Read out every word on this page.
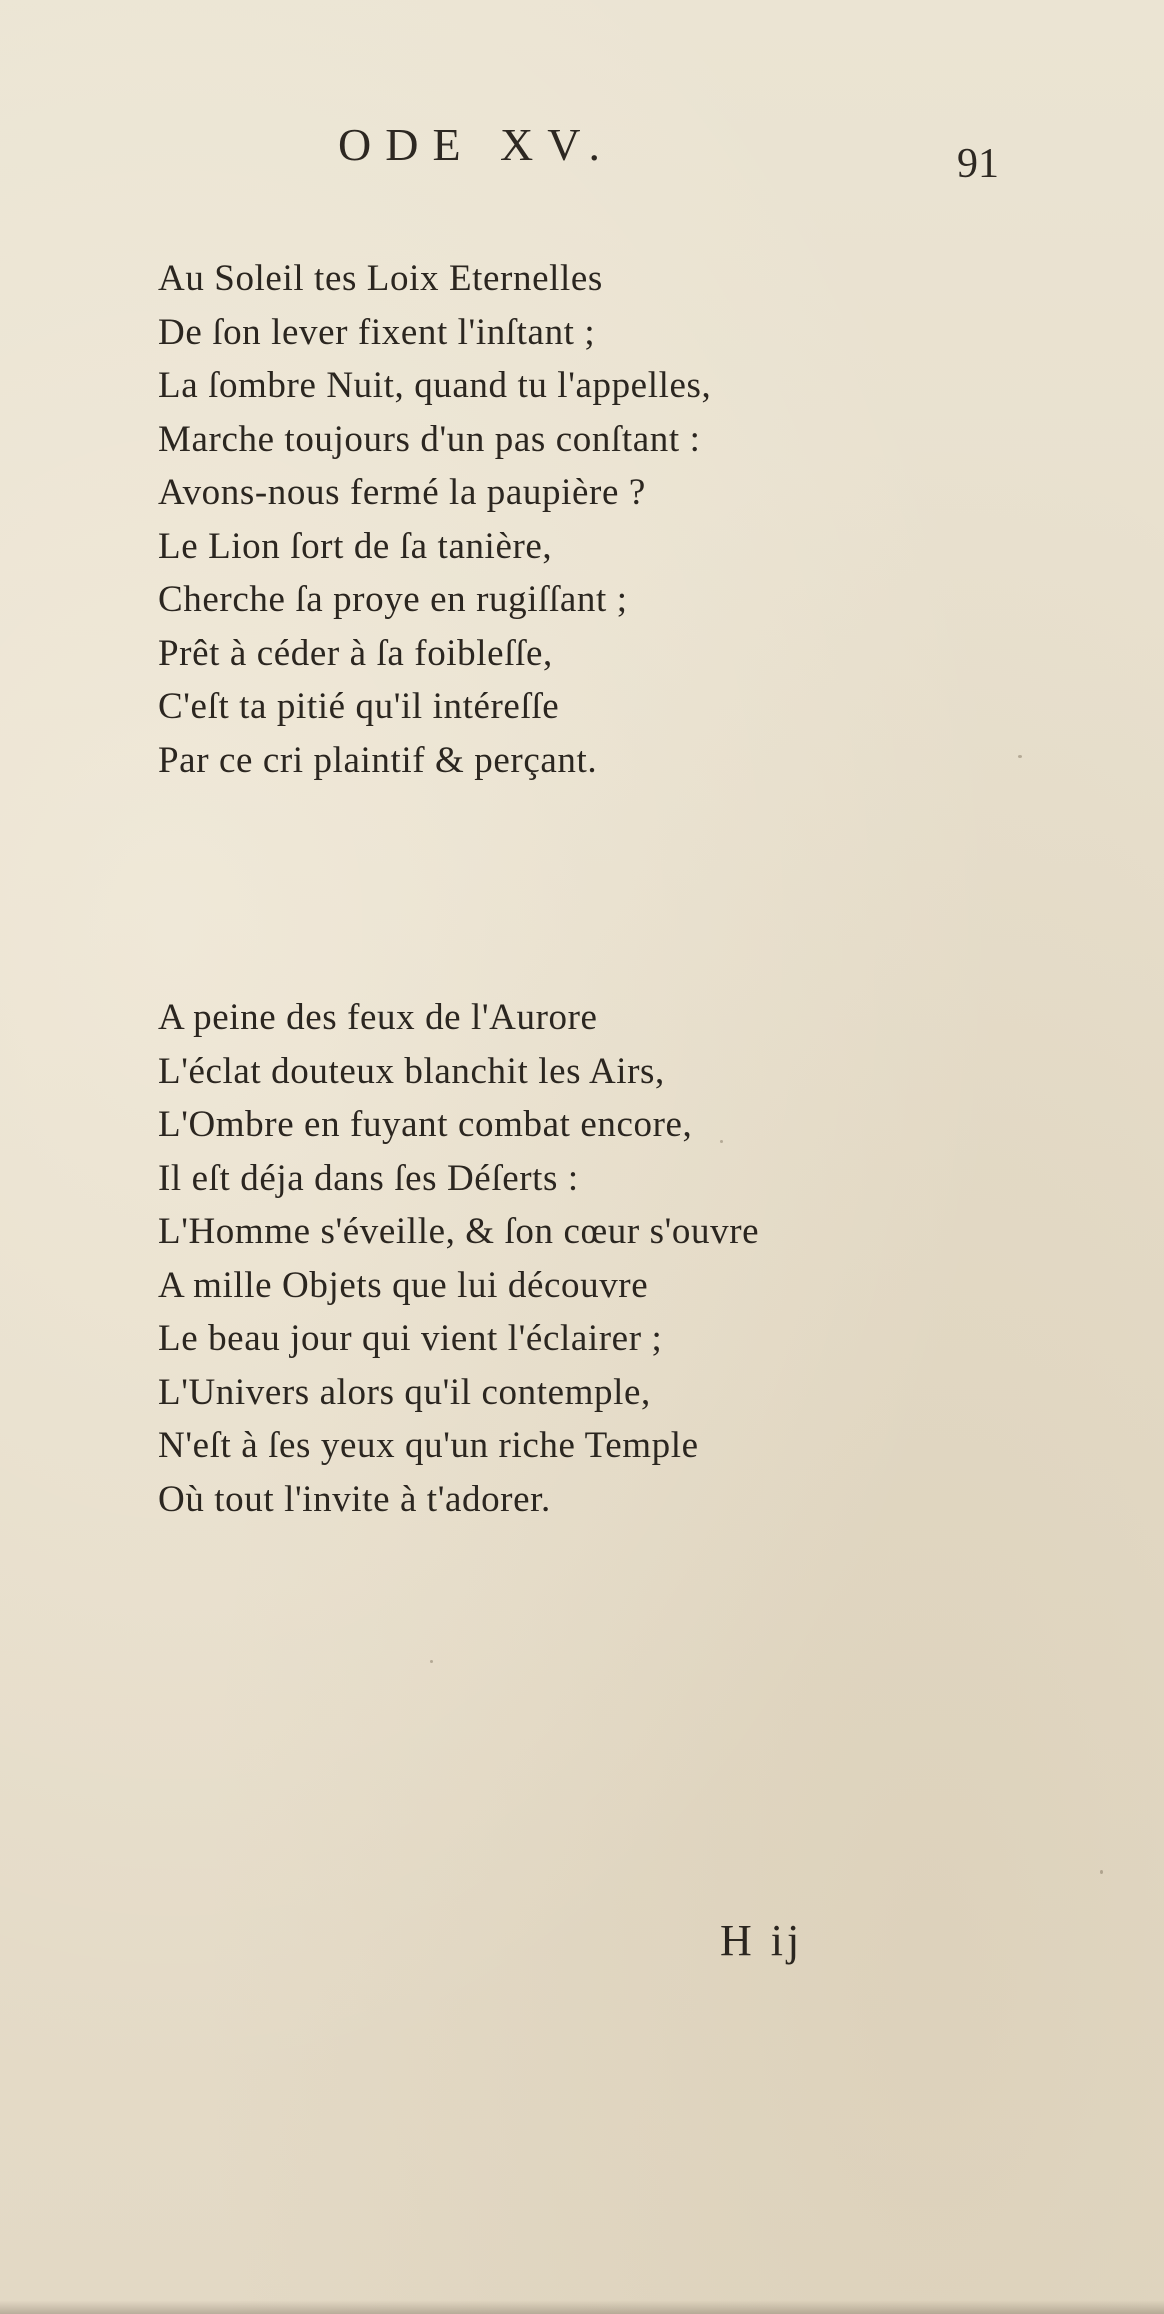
ODE XV.	91
Au Soleil tes Loix Eternelles
De ſon lever fixent l'inſtant ;
La ſombre Nuit, quand tu l'appelles,
Marche toujours d'un pas conſtant :
Avons-nous fermé la paupière ?
Le Lion ſort de ſa tanière,
Cherche ſa proye en rugiſſant ;
Prêt à céder à ſa foibleſſe,
C'eſt ta pitié qu'il intéreſſe
Par ce cri plaintif & perçant.
A peine des feux de l'Aurore
L'éclat douteux blanchit les Airs,
L'Ombre en fuyant combat encore,
Il eſt déja dans ſes Déſerts :
L'Homme s'éveille, & ſon cœur s'ouvre
A mille Objets que lui découvre
Le beau jour qui vient l'éclairer ;
L'Univers alors qu'il contemple,
N'eſt à ſes yeux qu'un riche Temple
Où tout l'invite à t'adorer.
H ij
